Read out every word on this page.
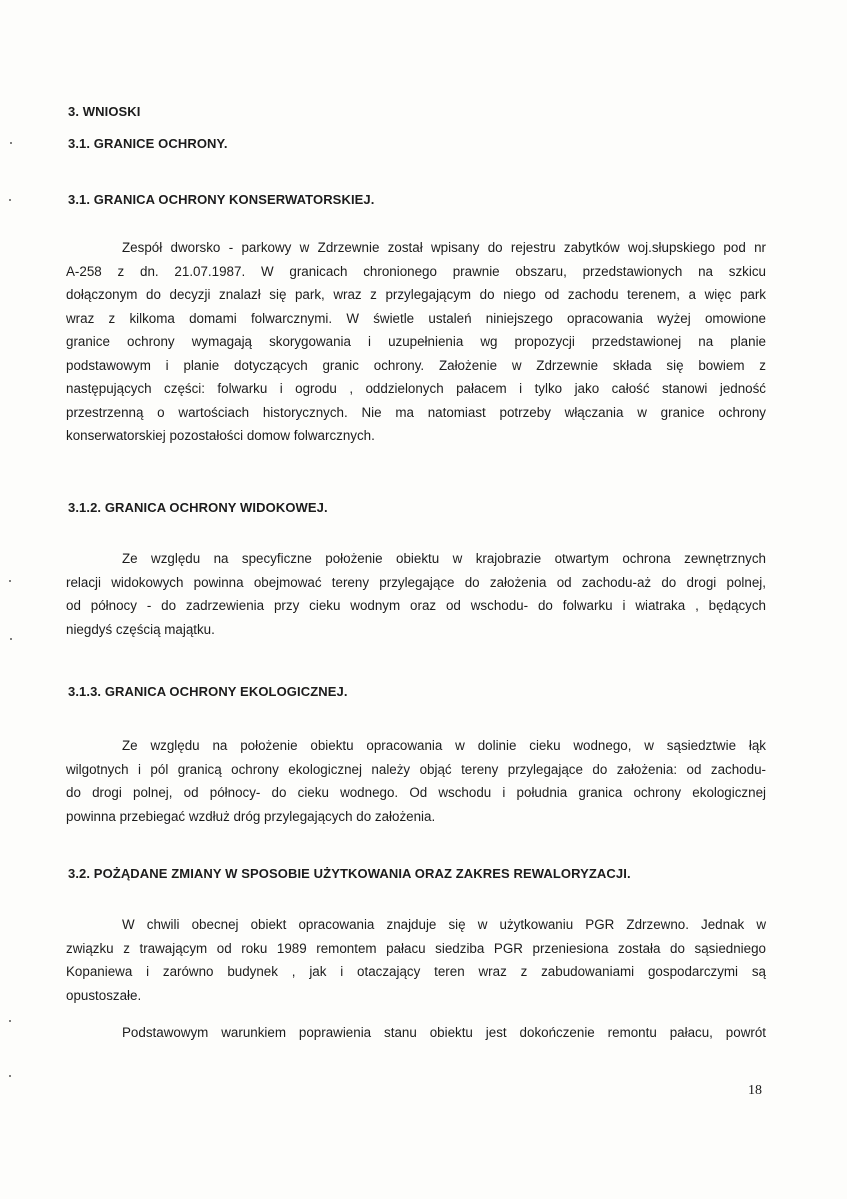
3. WNIOSKI
3.1. GRANICE OCHRONY.
3.1. GRANICA OCHRONY KONSERWATORSKIEJ.
Zespół dworsko - parkowy w Zdrzewnie został wpisany do rejestru zabytków woj.słupskiego pod nr
A-258 z dn. 21.07.1987. W granicach chronionego prawnie obszaru, przedstawionych na szkicu
dołączonym do decyzji znalazł się park, wraz z przylegającym do niego od zachodu terenem, a więc park
wraz z kilkoma domami folwarcznymi. W świetle ustaleń niniejszego opracowania wyżej omowione
granice ochrony wymagają skorygowania i uzupełnienia wg propozycji przedstawionej na planie
podstawowym i planie dotyczących granic ochrony. Założenie w Zdrzewnie składa się bowiem z
następujących części: folwarku i ogrodu , oddzielonych pałacem i tylko jako całość stanowi jedność
przestrzenną o wartościach historycznych. Nie ma natomiast potrzeby włączania w granice ochrony
konserwatorskiej pozostałości domow folwarcznych.
3.1.2. GRANICA OCHRONY WIDOKOWEJ.
Ze względu na specyficzne położenie obiektu w krajobrazie otwartym ochrona zewnętrznych
relacji widokowych powinna obejmować tereny przylegające do założenia od zachodu-aż do drogi polnej,
od północy - do zadrzewienia przy cieku wodnym oraz od wschodu- do folwarku i wiatraka , będących
niegdyś częścią majątku.
3.1.3. GRANICA OCHRONY EKOLOGICZNEJ.
Ze względu na położenie obiektu opracowania w dolinie cieku wodnego, w sąsiedztwie łąk
wilgotnych i pól granicą ochrony ekologicznej należy objąć tereny przylegające do założenia: od zachodu-
do drogi polnej, od północy- do cieku wodnego. Od wschodu i południa granica ochrony ekologicznej
powinna przebiegać wzdłuż dróg przylegających do założenia.
3.2. POŻĄDANE ZMIANY W SPOSOBIE UŻYTKOWANIA ORAZ ZAKRES REWALORYZACJI.
W chwili obecnej obiekt opracowania znajduje się w użytkowaniu PGR Zdrzewno. Jednak w
związku z trawającym od roku 1989 remontem pałacu siedziba PGR przeniesiona została do sąsiedniego
Kopaniewa i zarówno budynek , jak i otaczający teren wraz z zabudowaniami gospodarczymi są
opustoszałe.
Podstawowym warunkiem poprawienia stanu obiektu jest dokończenie remontu pałacu, powrót
18
